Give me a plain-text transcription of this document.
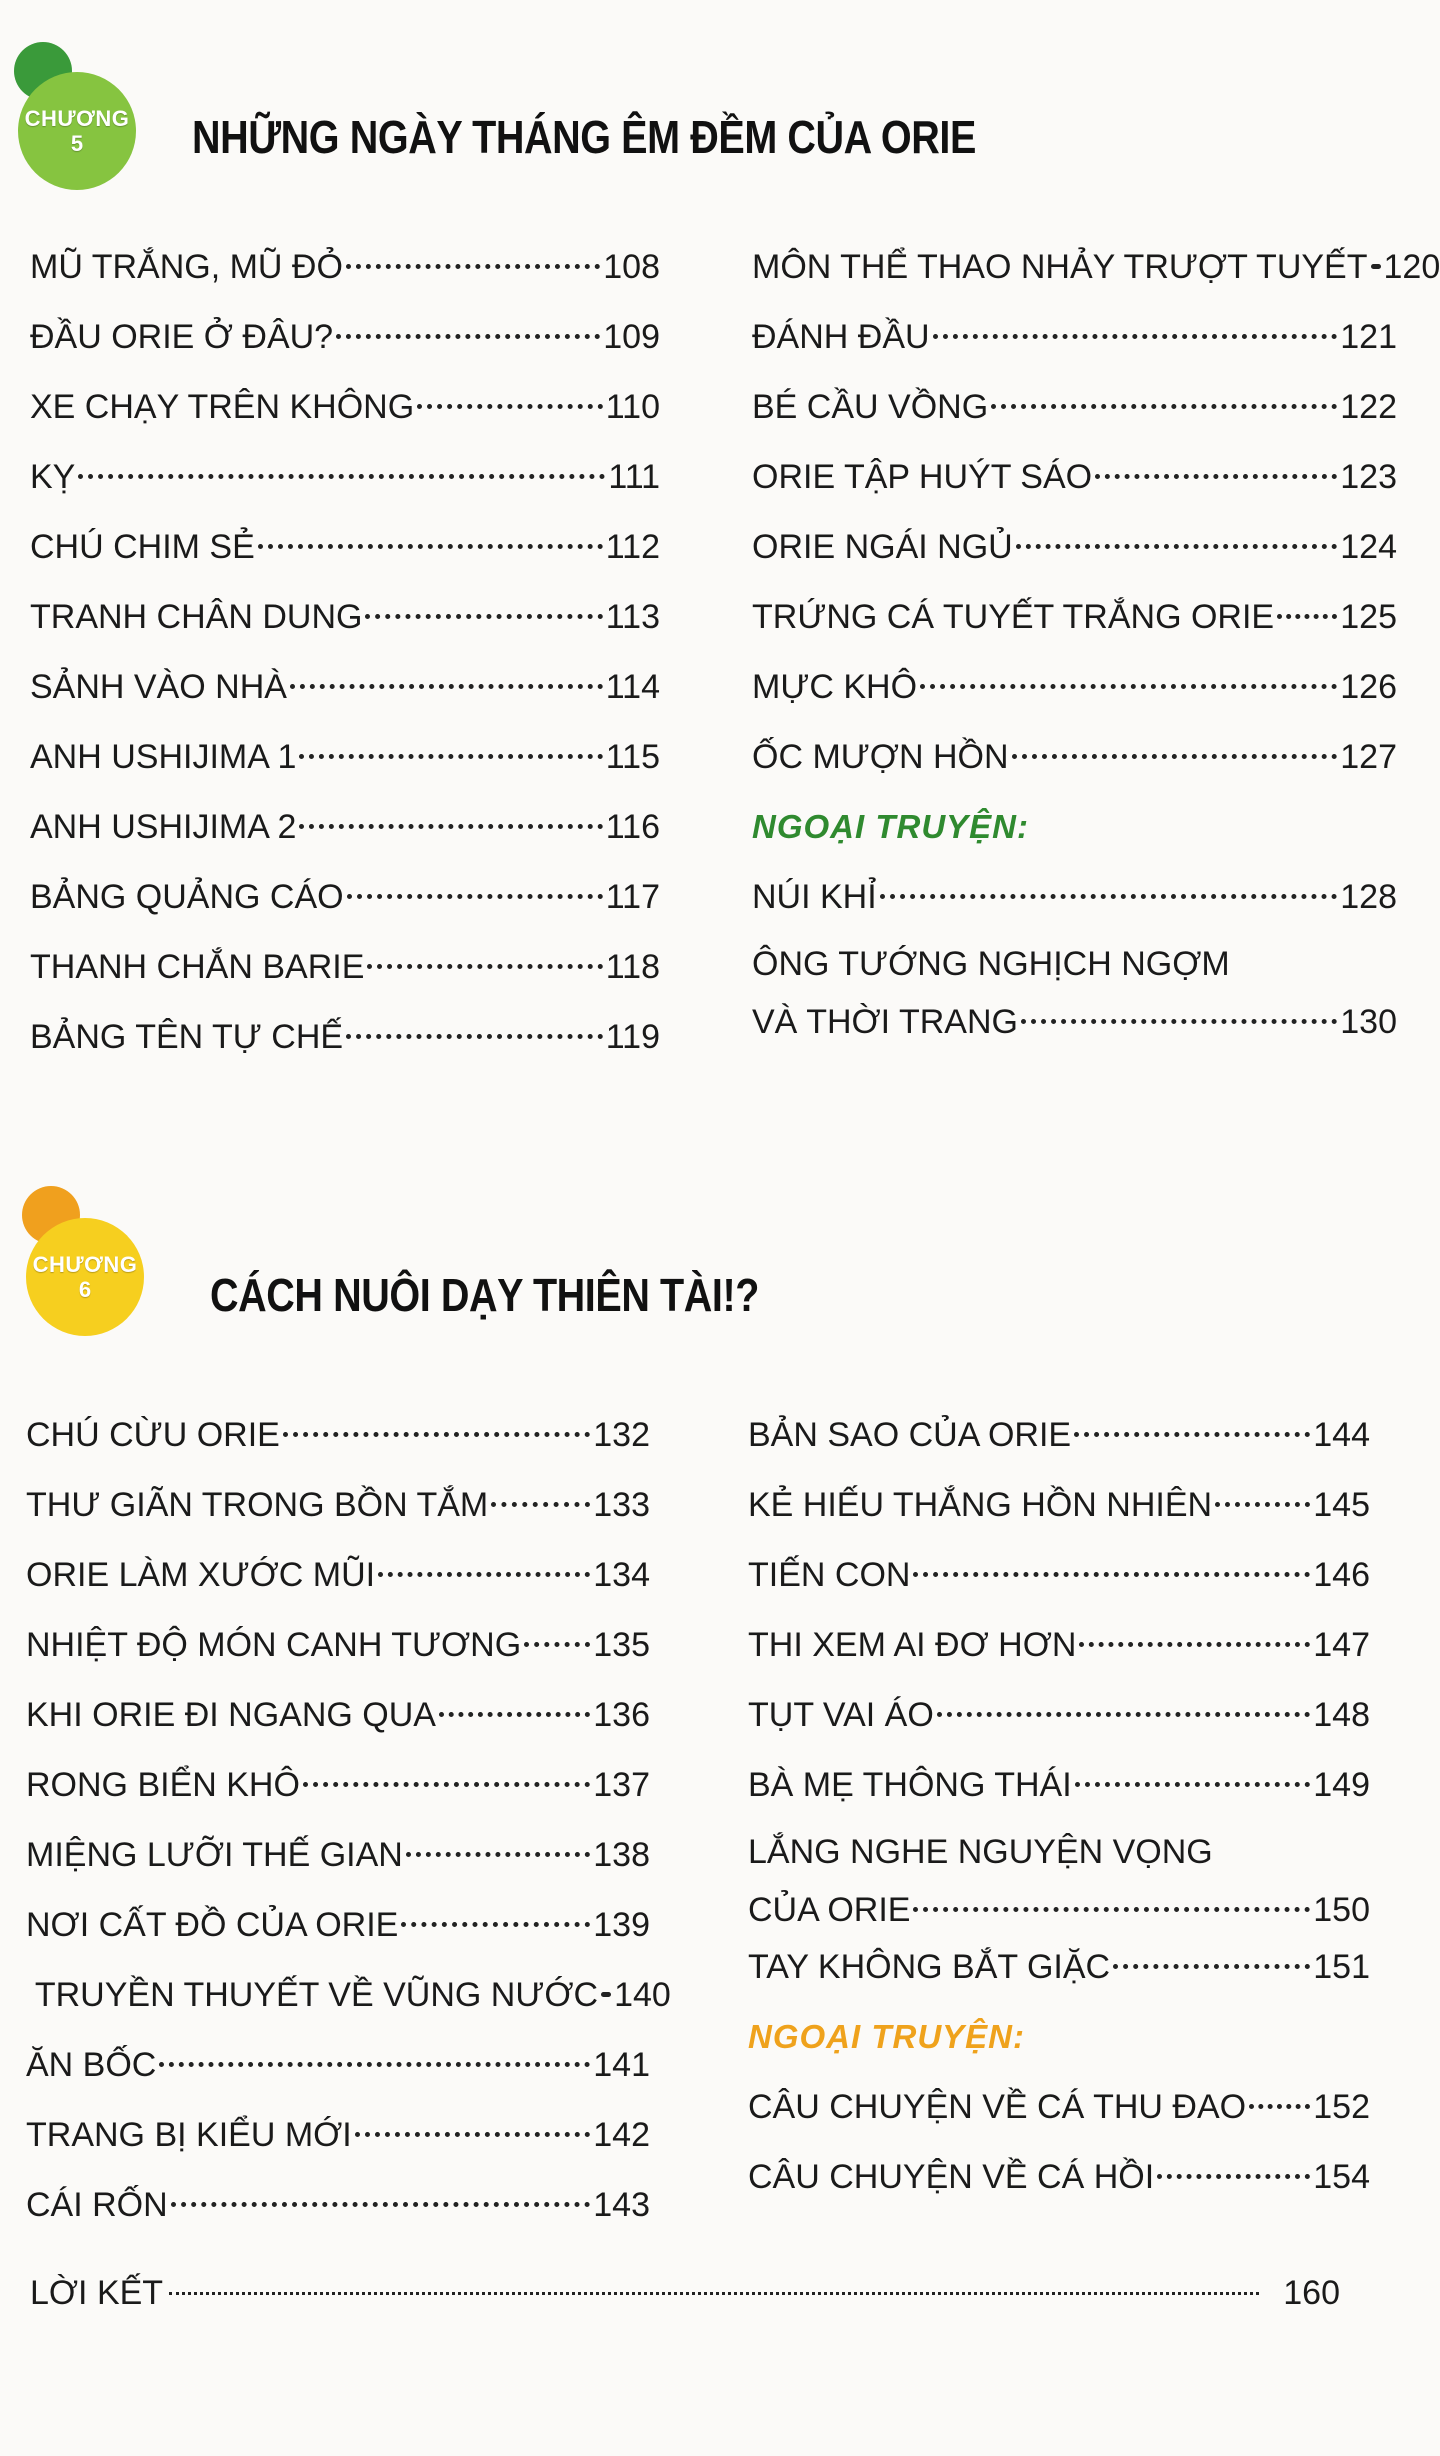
CHƯƠNG
5 NHỮNG NGÀY THÁNG ÊM ĐỀM CỦA ORIE
MŨ TRẮNG, MŨ ĐỎ	108
ĐẦU ORIE Ở ĐÂU?	109
XE CHẠY TRÊN KHÔNG	110
KỴ	111
CHÚ CHIM SẺ	112
TRANH CHÂN DUNG	113
SẢNH VÀO NHÀ	114
ANH USHIJIMA 1	115
ANH USHIJIMA 2	116
BẢNG QUẢNG CÁO	117
THANH CHẮN BARIE	118
BẢNG TÊN TỰ CHẾ	119
MÔN THỂ THAO NHẢY TRƯỢT TUYẾT 120
ĐÁNH ĐẦU	121
BÉ CẦU VỒNG	122
ORIE TẬP HUÝT SÁO	123
ORIE NGÁI NGỦ	124
TRỨNG CÁ TUYẾT TRẮNG ORIE 125
MỰC KHÔ	126
ỐC MƯỢN HỒN	127
NGOẠI TRUYỆN:
NÚI KHỈ	128
ÔNG TƯỚNG NGHỊCH NGỢM
VÀ THỜI TRANG	130
CHƯƠNG
6	CÁCH NUÔI DẠY THIÊN TÀI!?
CHÚ CỪU ORIE	132
THƯ GIÃN TRONG BỒN TẮM	133
ORIE LÀM XƯỚC MŨI	134
NHIỆT ĐỘ MÓN CANH TƯƠNG 135
KHI ORIE ĐI NGANG QUA	136
RONG BIỂN KHÔ	137
MIỆNG LƯỠI THẾ GIAN	138
NƠI CẤT ĐỒ CỦA ORIE	139
TRUYỀN THUYẾT VỀ VŨNG NƯỚC 140
ĂN BỐC	141
TRANG BỊ KIỂU MỚI	142
CÁI RỐN	143
BẢN SAO CỦA ORIE	144
KẺ HIẾU THẮNG HỒN NHIÊN	145
TIẾN CON	146
THI XEM AI ĐƠ HƠN	147
TỤT VAI ÁO	148
BÀ MẸ THÔNG THÁI	149
LẮNG NGHE NGUYỆN VỌNG
CỦA ORIE	150
TAY KHÔNG BẮT GIẶC	151
NGOẠI TRUYỆN:
CÂU CHUYỆN VỀ CÁ THU ĐAO 152
CÂU CHUYỆN VỀ CÁ HỒI	154
LỜI KẾT	160
